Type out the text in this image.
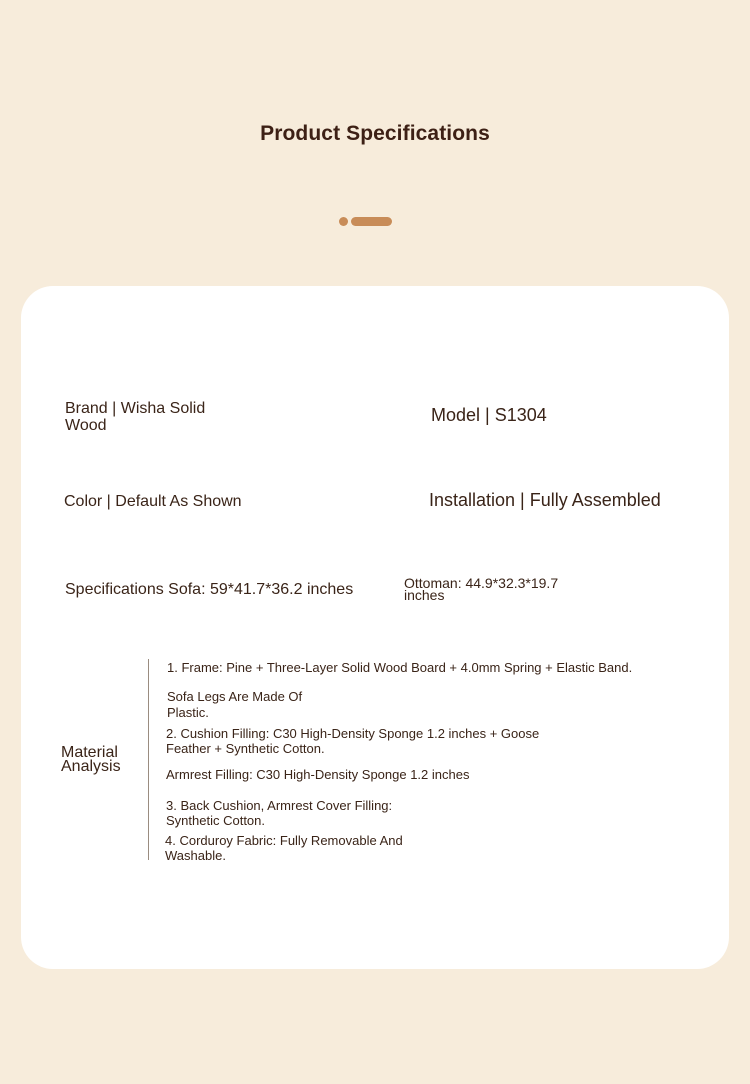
Product Specifications
Brand | Wisha Solid Wood
Model | S1304
Color | Default As Shown	Installation | Fully Assembled
Specifications Sofa: 59*41.7*36.2 inches	Ottoman: 44.9*32.3*19.7 inches
Material Analysis
1. Frame: Pine + Three-Layer Solid Wood Board + 4.0mm Spring + Elastic Band.
Sofa Legs Are Made Of Plastic.
2. Cushion Filling: C30 High-Density Sponge 1.2 inches + Goose Feather + Synthetic Cotton.
Armrest Filling: C30 High-Density Sponge 1.2 inches
3. Back Cushion, Armrest Cover Filling: Synthetic Cotton.
4. Corduroy Fabric: Fully Removable And Washable.
